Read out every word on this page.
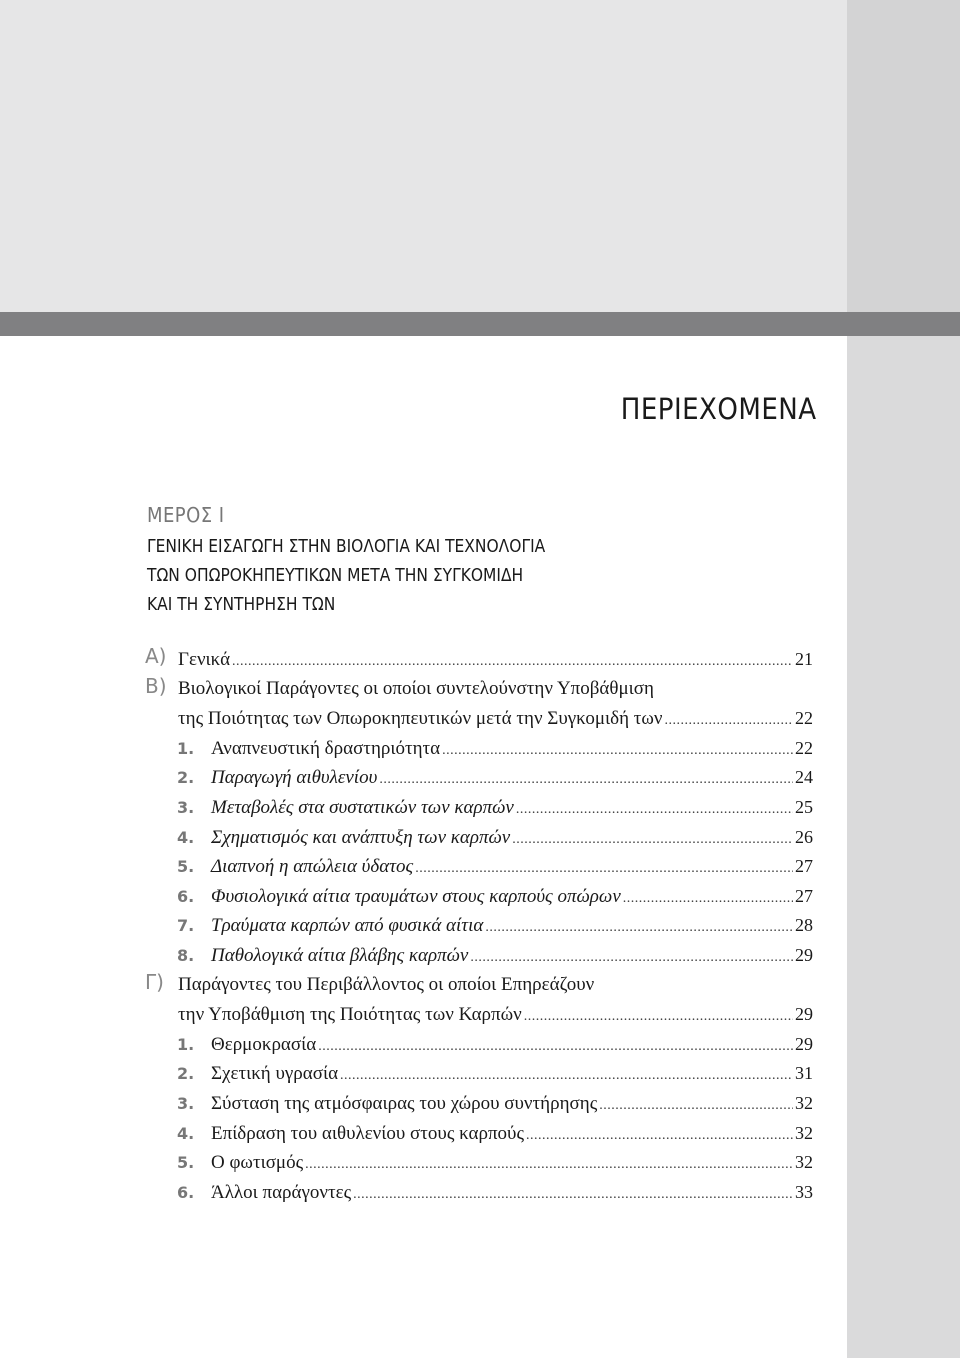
ΠΕΡΙΕΧΟΜΕΝΑ
ΜΕΡΟΣ Ι
ΓΕΝΙΚΗ ΕΙΣΑΓΩΓΗ ΣΤΗΝ ΒΙΟΛΟΓΙΑ ΚΑΙ ΤΕΧΝΟΛΟΓΙΑ
ΤΩΝ ΟΠΩΡΟΚΗΠΕΥΤΙΚΩΝ ΜΕΤΑ ΤΗΝ ΣΥΓΚΟΜΙΔΗ
ΚΑΙ ΤΗ ΣΥΝΤΗΡΗΣΗ ΤΩΝ
Α) Γενικά .....	21
Β) Βιολογικοί Παράγοντες οι οποίοι συντελούνστην Υποβάθμιση
της Ποιότητας των Οπωροκηπευτικών μετά την Συγκομιδή των .....	22
1. Αναπνευστική δραστηριότητα .....	22
2. Παραγωγή αιθυλενίου .....	24
3. Μεταβολές στα συστατικών των καρπών .....	25
4. Σχηματισμός και ανάπτυξη των καρπών .....	26
5. Διαπνοή η απώλεια ύδατος .....	27
6. Φυσιολογικά αίτια τραυμάτων στους καρπούς οπώρων .....	27
7. Τραύματα καρπών από φυσικά αίτια .....	28
8. Παθολογικά αίτια βλάβης καρπών .....	29
Γ) Παράγοντες του Περιβάλλοντος οι οποίοι Επηρεάζουν
την Υποβάθμιση της Ποιότητας των Καρπών .....	29
1. Θερμοκρασία .....	29
2. Σχετική υγρασία .....	31
3. Σύσταση της ατμόσφαιρας του χώρου συντήρησης .....	32
4. Επίδραση του αιθυλενίου στους καρπούς .....	32
5. Ο φωτισμός .....	32
6. Άλλοι παράγοντες .....	33
